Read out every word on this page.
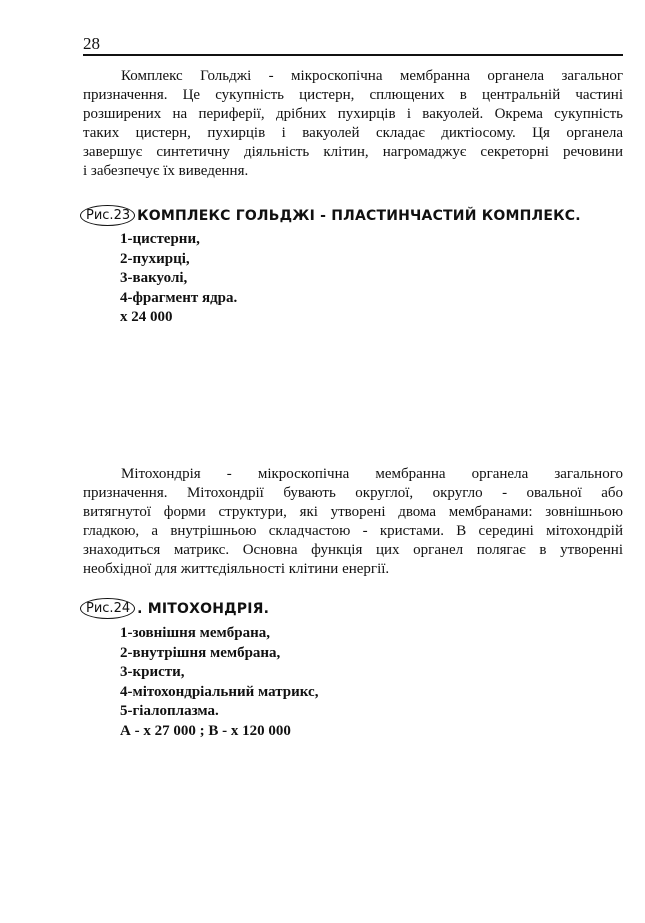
28
Комплекс Гольджі - мікроскопічна мембранна органела загальног
призначення. Це сукупність цистерн, сплющених в центральній частині
розширених на периферії, дрібних пухирців і вакуолей. Окрема сукупність
таких цистерн, пухирців і вакуолей складає диктіосому. Ця органела
завершує синтетичну діяльність клітин, нагромаджує секреторні речовини
і забезпечує їх виведення.
Рис.23 КОМПЛЕКС ГОЛЬДЖІ - ПЛАСТИНЧАСТИЙ КОМПЛЕКС.
1-цистерни,
2-пухирці,
3-вакуолі,
4-фрагмент ядра.
х 24 000
Мітохондрія - мікроскопічна мембранна органела загального
призначення. Мітохондрії бувають округлої, округло - овальної або
витягнутої форми структури, які утворені двома мембранами: зовнішньою
гладкою, а внутрішньою складчастою - кристами. В середині мітохондрій
знаходиться матрикс. Основна функція цих органел полягає в утворенні
необхідної для життєдіяльності клітини енергії.
Рис.24 . МІТОХОНДРІЯ.
1-зовнішня мембрана,
2-внутрішня мембрана,
3-кристи,
4-мітохондріальний матрикс,
5-гіалоплазма.
А - х 27 000 ; В - х 120 000
